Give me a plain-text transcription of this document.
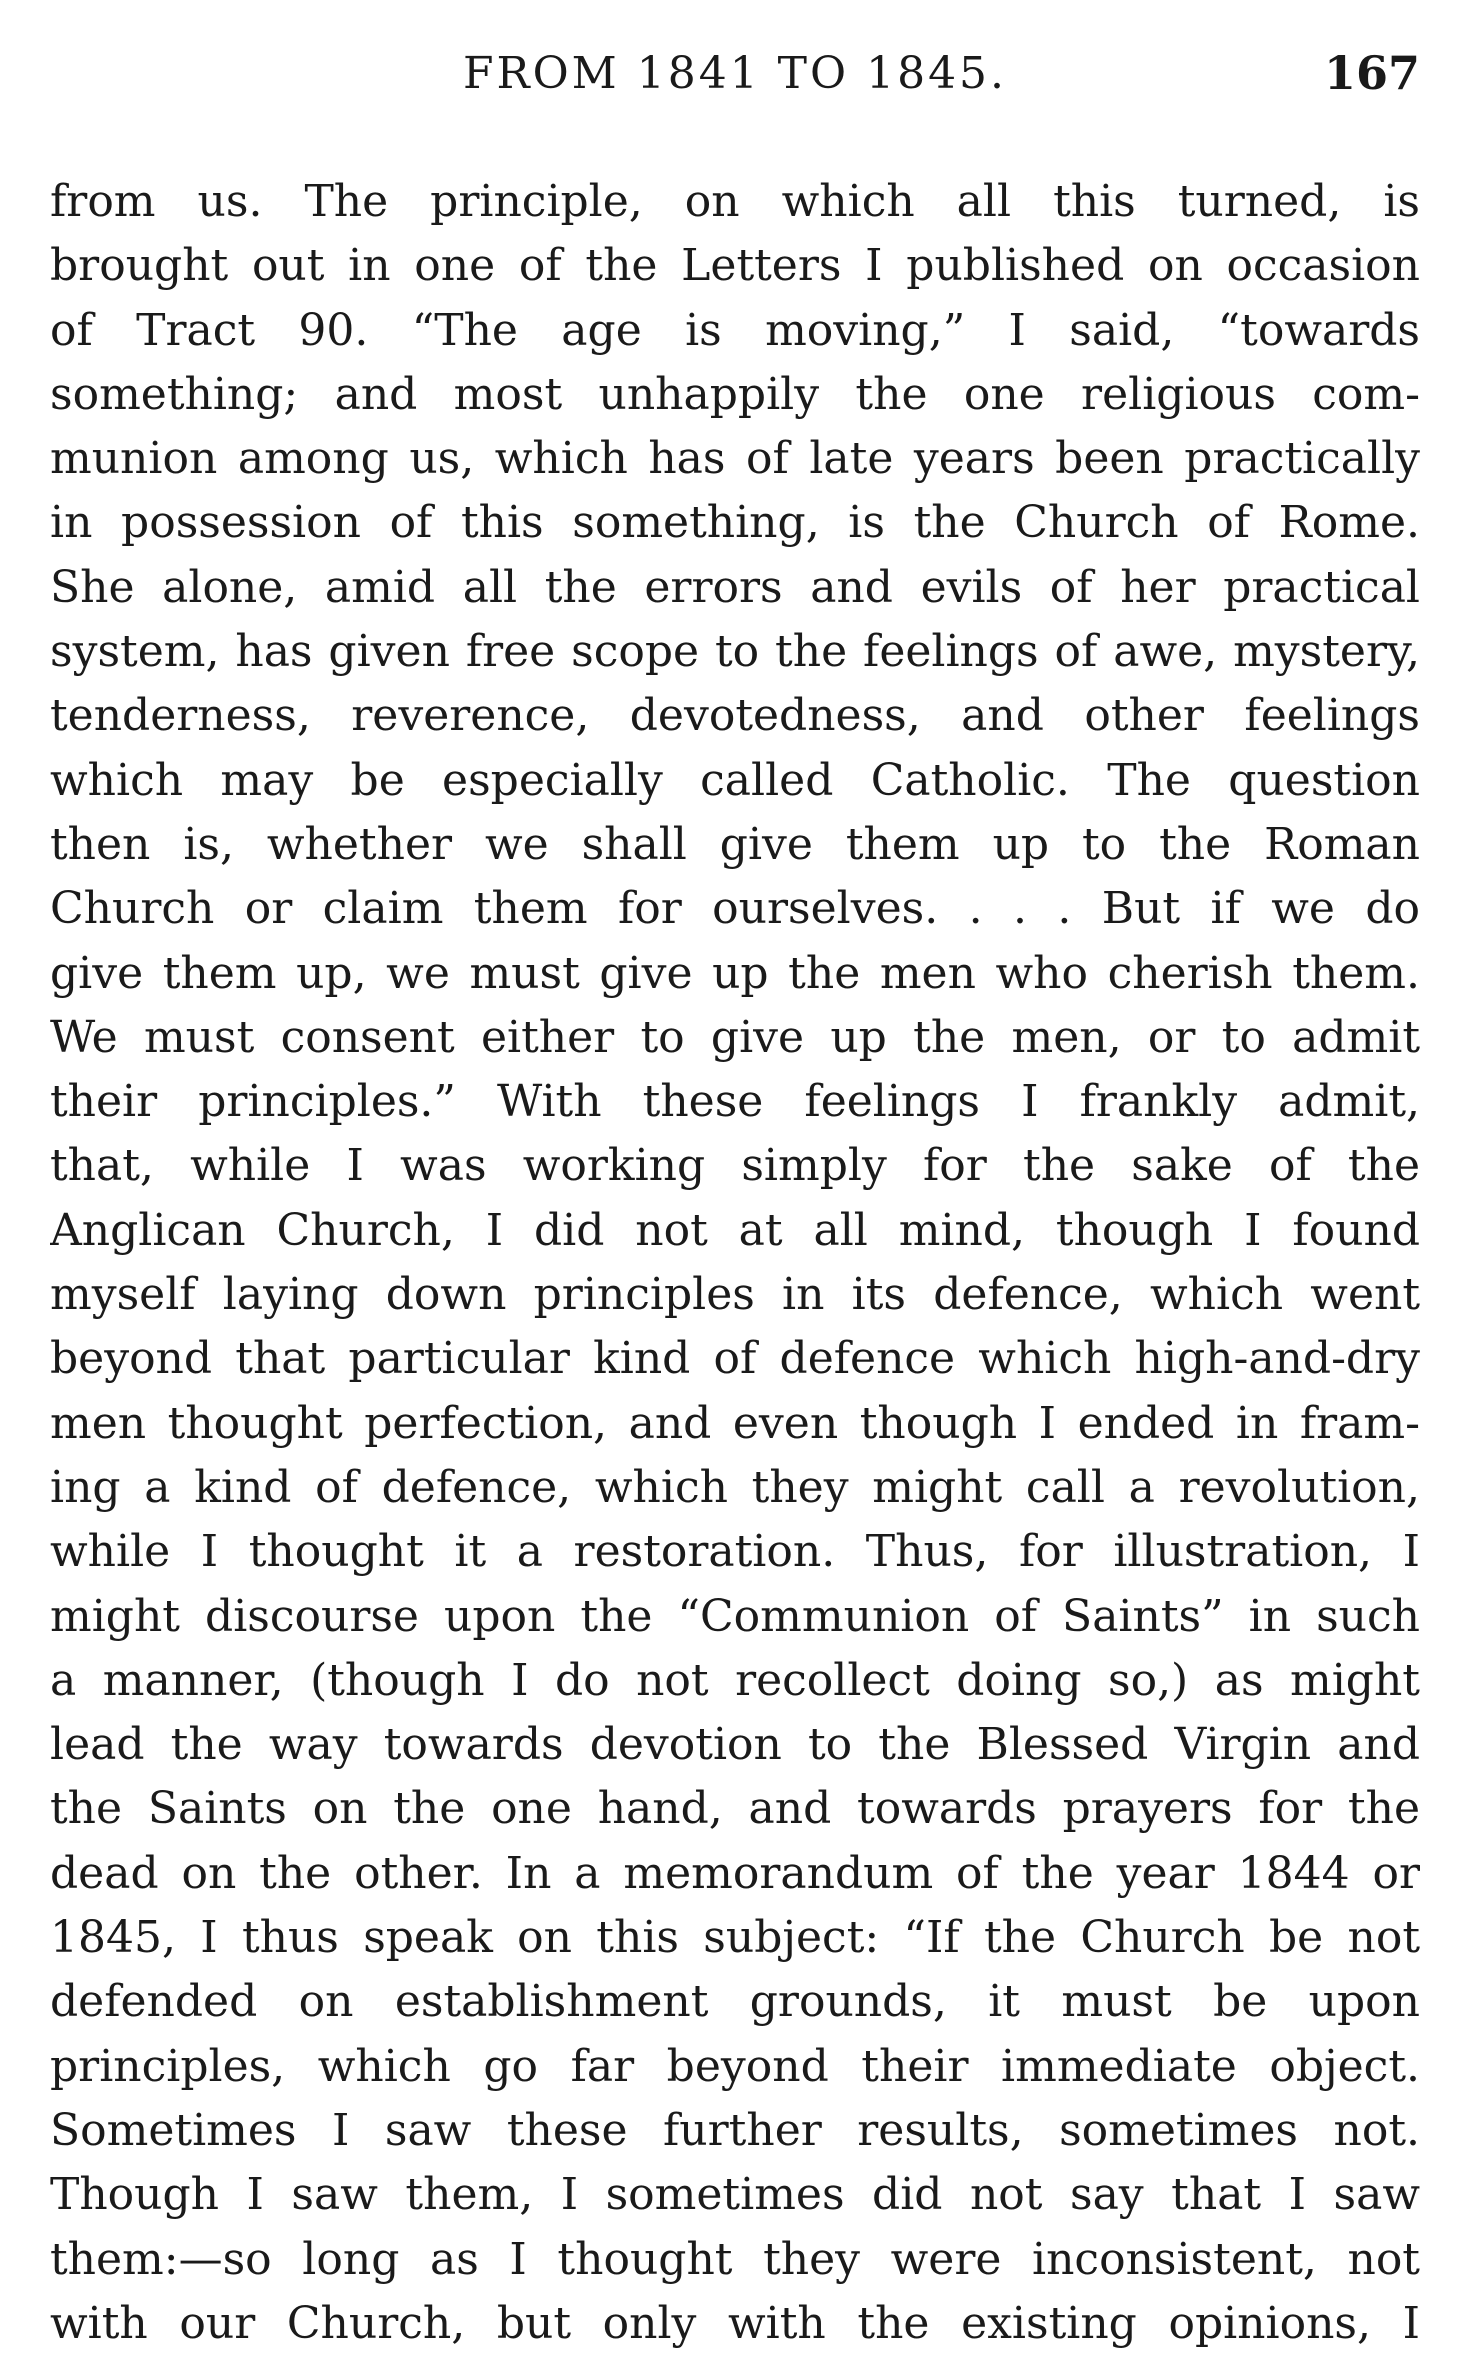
FROM 1841 TO 1845.	167
from us. The principle, on which all this turned, is
brought out in one of the Letters I published on occasion
of Tract 90. “The age is moving,” I said, “towards
something; and most unhappily the one religious com-
munion among us, which has of late years been practically
in possession of this something, is the Church of Rome.
She alone, amid all the errors and evils of her practical
system, has given free scope to the feelings of awe, mystery,
tenderness, reverence, devotedness, and other feelings
which may be especially called Catholic. The question
then is, whether we shall give them up to the Roman
Church or claim them for ourselves. . . . But if we do
give them up, we must give up the men who cherish them.
We must consent either to give up the men, or to admit
their principles.” With these feelings I frankly admit,
that, while I was working simply for the sake of the
Anglican Church, I did not at all mind, though I found
myself laying down principles in its defence, which went
beyond that particular kind of defence which high-and-dry
men thought perfection, and even though I ended in fram-
ing a kind of defence, which they might call a revolution,
while I thought it a restoration. Thus, for illustration, I
might discourse upon the “Communion of Saints” in such
a manner, (though I do not recollect doing so,) as might
lead the way towards devotion to the Blessed Virgin and
the Saints on the one hand, and towards prayers for the
dead on the other. In a memorandum of the year 1844 or
1845, I thus speak on this subject: “If the Church be not
defended on establishment grounds, it must be upon
principles, which go far beyond their immediate object.
Sometimes I saw these further results, sometimes not.
Though I saw them, I sometimes did not say that I saw
them:—so long as I thought they were inconsistent, not
with our Church, but only with the existing opinions, I
